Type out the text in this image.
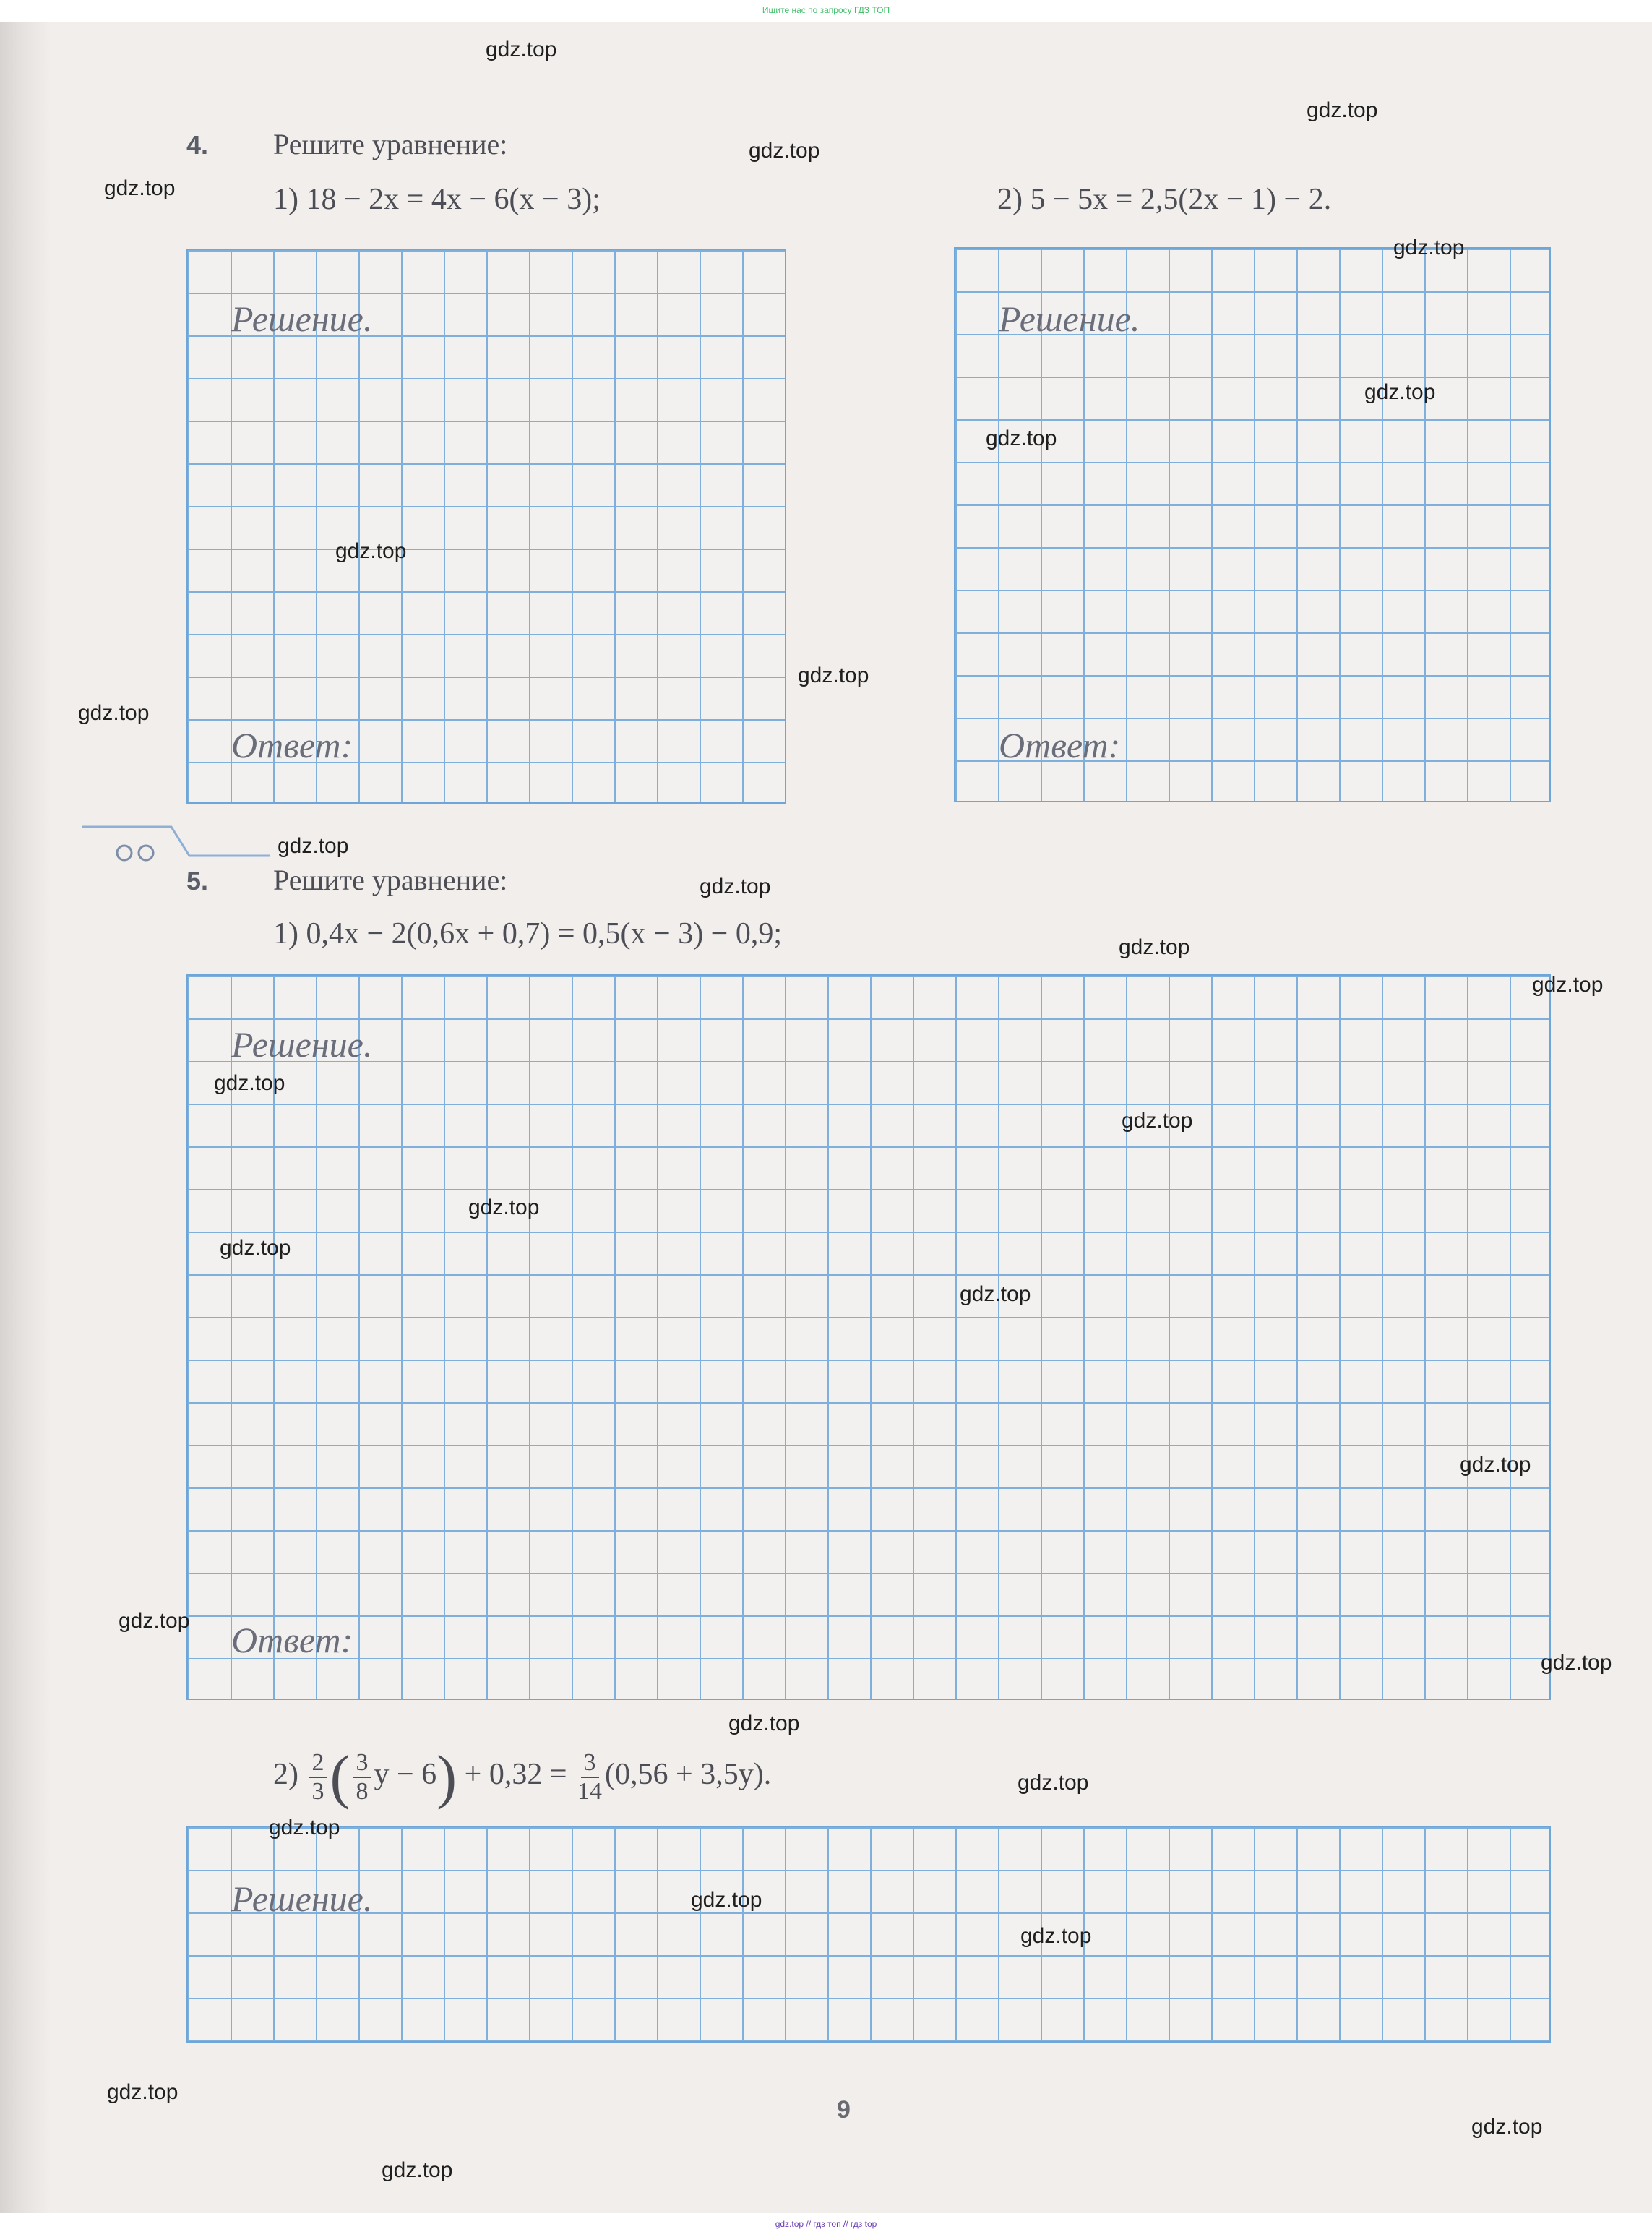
Ищите нас по запросу ГДЗ ТОП
4. Решите уравнение:
1) 18 − 2x = 4x − 6(x − 3);	2) 5 − 5x = 2,5(2x − 1) − 2.
Решение.
Ответ:
Решение.
Ответ:
5. Решите уравнение:
1) 0,4x − 2(0,6x + 0,7) = 0,5(x − 3) − 0,9;
Решение.
Ответ:
$2) \frac{2}{3}$ ( $\frac{3}{8}$ $y - 6) + 0,32 = \frac{3}{14} (0,56 + 3,5y)$.
Решение.
9
gdz.top
gdz.top
gdz.top
gdz.top
gdz.top
gdz.top
gdz.top
gdz.top
gdz.top
gdz.top
gdz.top
gdz.top
gdz.top
gdz.top
gdz.top
gdz.top
gdz.top
gdz.top
gdz.top
gdz.top
gdz.top
gdz.top
gdz.top
gdz.top
gdz.top
gdz.top
gdz.top
gdz.top
gdz.top
gdz.top
gdz.top // гдз топ // гдз top
